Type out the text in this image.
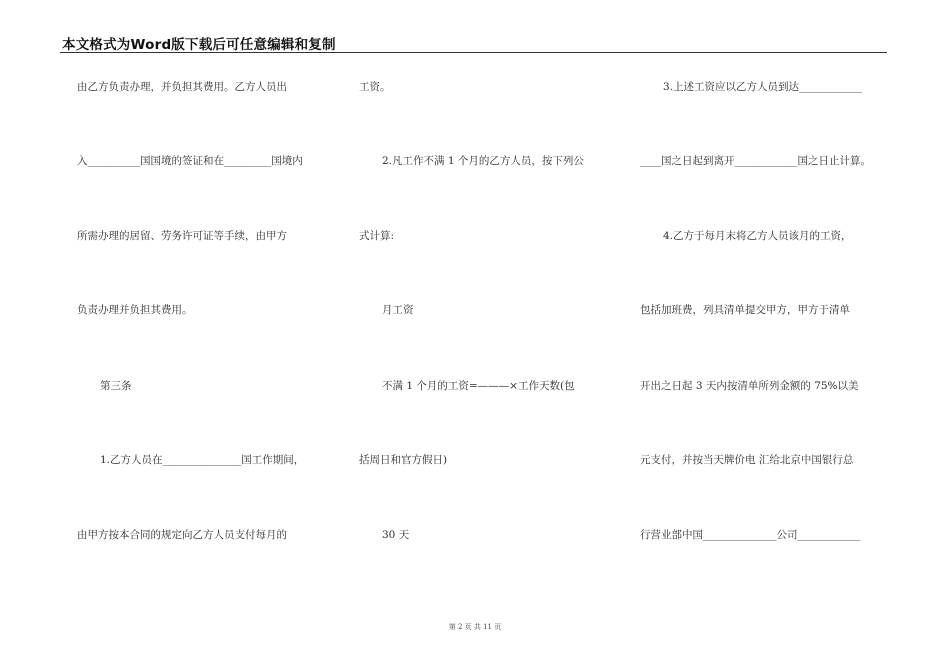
本文格式为Word版下载后可任意编辑和复制
由乙方负责办理，并负担其费用。乙方人员出
入__________国国境的签证和在_________国境内
所需办理的居留、劳务许可证等手续，由甲方
负责办理并负担其费用。
第三条
1.乙方人员在_______________国工作期间，
由甲方按本合同的规定向乙方人员支付每月的
工资。
2.凡工作不满 1 个月的乙方人员，按下列公
式计算:
月工资
不满 1 个月的工资=———×工作天数(包
括周日和官方假日)
30 天
3.上述工资应以乙方人员到达____________
____国之日起到离开____________国之日止计算。
4.乙方于每月末将乙方人员该月的工资，
包括加班费，列具清单提交甲方，甲方于清单
开出之日起 3 天内按清单所列金额的 75%以美
元支付，并按当天牌价电 汇给北京中国银行总
行营业部中国______________公司____________
第 2 页 共 11 页
